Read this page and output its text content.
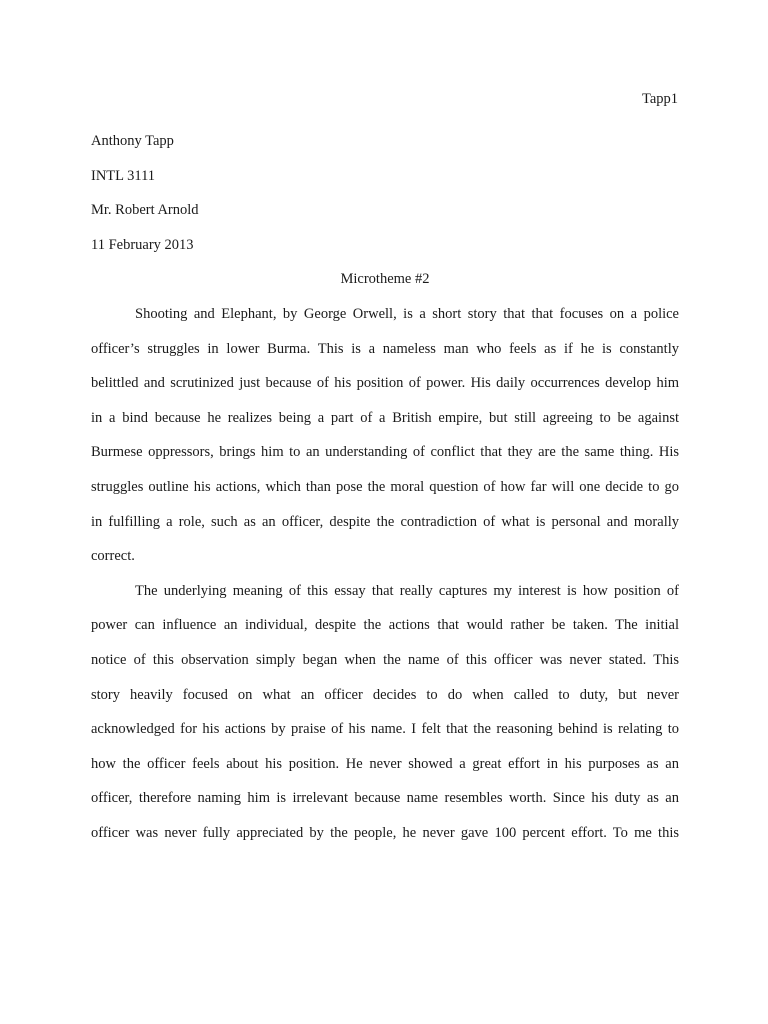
Tapp1
Anthony Tapp
INTL 3111
Mr. Robert Arnold
11 February 2013
Microtheme #2
Shooting and Elephant, by George Orwell, is a short story that that focuses on a police
officer’s struggles in lower Burma. This is a nameless man who feels as if he is constantly
belittled and scrutinized just because of his position of power. His daily occurrences develop him
in a bind because he realizes being a part of a British empire, but still agreeing to be against
Burmese oppressors, brings him to an understanding of conflict that they are the same thing. His
struggles outline his actions, which than pose the moral question of how far will one decide to go
in fulfilling a role, such as an officer, despite the contradiction of what is personal and morally
correct.
The underlying meaning of this essay that really captures my interest is how position of
power can influence an individual, despite the actions that would rather be taken. The initial
notice of this observation simply began when the name of this officer was never stated. This
story heavily focused on what an officer decides to do when called to duty, but never
acknowledged for his actions by praise of his name. I felt that the reasoning behind is relating to
how the officer feels about his position. He never showed a great effort in his purposes as an
officer, therefore naming him is irrelevant because name resembles worth. Since his duty as an
officer was never fully appreciated by the people, he never gave 100 percent effort. To me this
